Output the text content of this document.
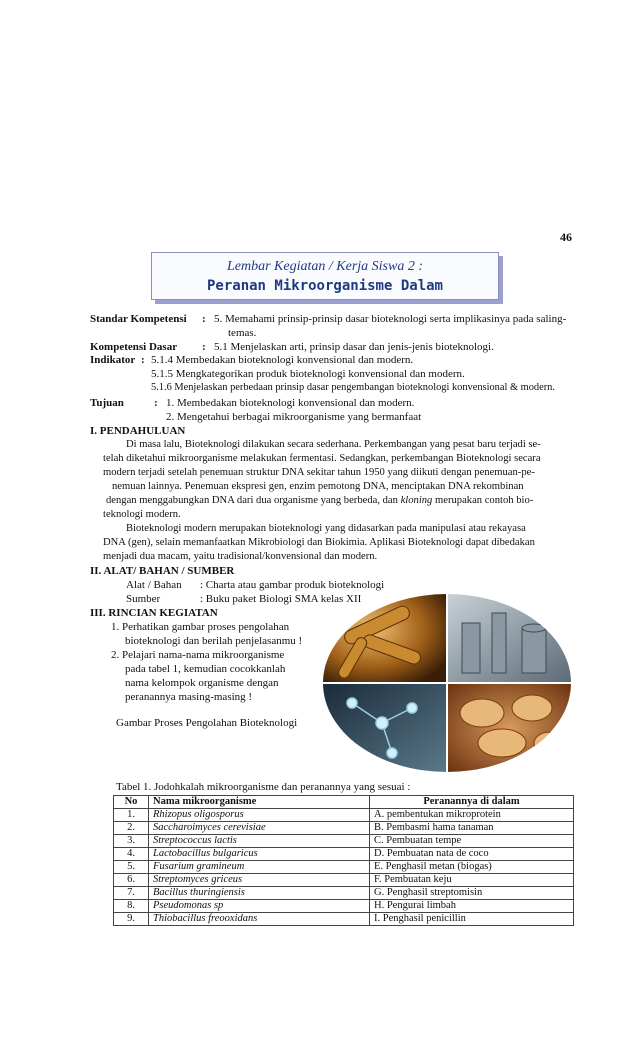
46
Lembar Kegiatan / Kerja Siswa 2 :
Peranan Mikroorganisme Dalam
Standar Kompetensi : 5. Memahami prinsip-prinsip dasar bioteknologi serta implikasinya pada saling-
temas.
Kompetensi Dasar : 5.1 Menjelaskan arti, prinsip dasar dan jenis-jenis bioteknologi.
Indikator : 5.1.4 Membedakan bioteknologi konvensional dan modern.
5.1.5 Mengkategorikan produk bioteknologi konvensional dan modern.
5.1.6 Menjelaskan perbedaan prinsip dasar pengembangan bioteknologi konvensional & modern.
Tujuan	: 1. Membedakan bioteknologi konvensional dan modern.
2. Mengetahui berbagai mikroorganisme yang bermanfaat
I. PENDAHULUAN
Di masa lalu, Bioteknologi dilakukan secara sederhana. Perkembangan yang pesat baru terjadi se-
telah diketahui mikroorganisme melakukan fermentasi. Sedangkan, perkembangan Bioteknologi secara
modern terjadi setelah penemuan struktur DNA sekitar tahun 1950 yang diikuti dengan penemuan-pe-
nemuan lainnya. Penemuan ekspresi gen, enzim pemotong DNA, menciptakan DNA rekombinan
dengan menggabungkan DNA dari dua organisme yang berbeda, dan kloning merupakan contoh bio-
teknologi modern.
Bioteknologi modern merupakan bioteknologi yang didasarkan pada manipulasi atau rekayasa
DNA (gen), selain memanfaatkan Mikrobiologi dan Biokimia. Aplikasi Bioteknologi dapat dibedakan
menjadi dua macam, yaitu tradisional/konvensional dan modern.
II. ALAT/ BAHAN / SUMBER
Alat / Bahan : Charta atau gambar produk bioteknologi
Sumber	: Buku paket Biologi SMA kelas XII
III. RINCIAN KEGIATAN
1. Perhatikan gambar proses pengolahan
bioteknologi dan berilah penjelasanmu !
2. Pelajari nama-nama mikroorganisme
pada tabel 1, kemudian cocokkanlah
nama kelompok organisme dengan
peranannya masing-masing !
Gambar Proses Pengolahan Bioteknologi
Tabel 1. Jodohkalah mikroorganisme dan peranannya yang sesuai :
No	Nama mikroorganisme	Peranannya di dalam
1.	Rhizopus oligosporus	A. pembentukan mikroprotein
2.	Saccharoimyces cerevisiae	B. Pembasmi hama tanaman
3.	Streptococcus lactis	C. Pembuatan tempe
4.	Lactobacillus bulgaricus	D. Pembuatan nata de coco
5.	Fusarium gramineum	E. Penghasil metan (biogas)
6.	Streptomyces griceus	F. Pembuatan keju
7.	Bacillus thuringiensis	G. Penghasil streptomisin
8.	Pseudomonas sp	H. Pengurai limbah
9.	Thiobacillus freooxidans	I. Penghasil penicillin
